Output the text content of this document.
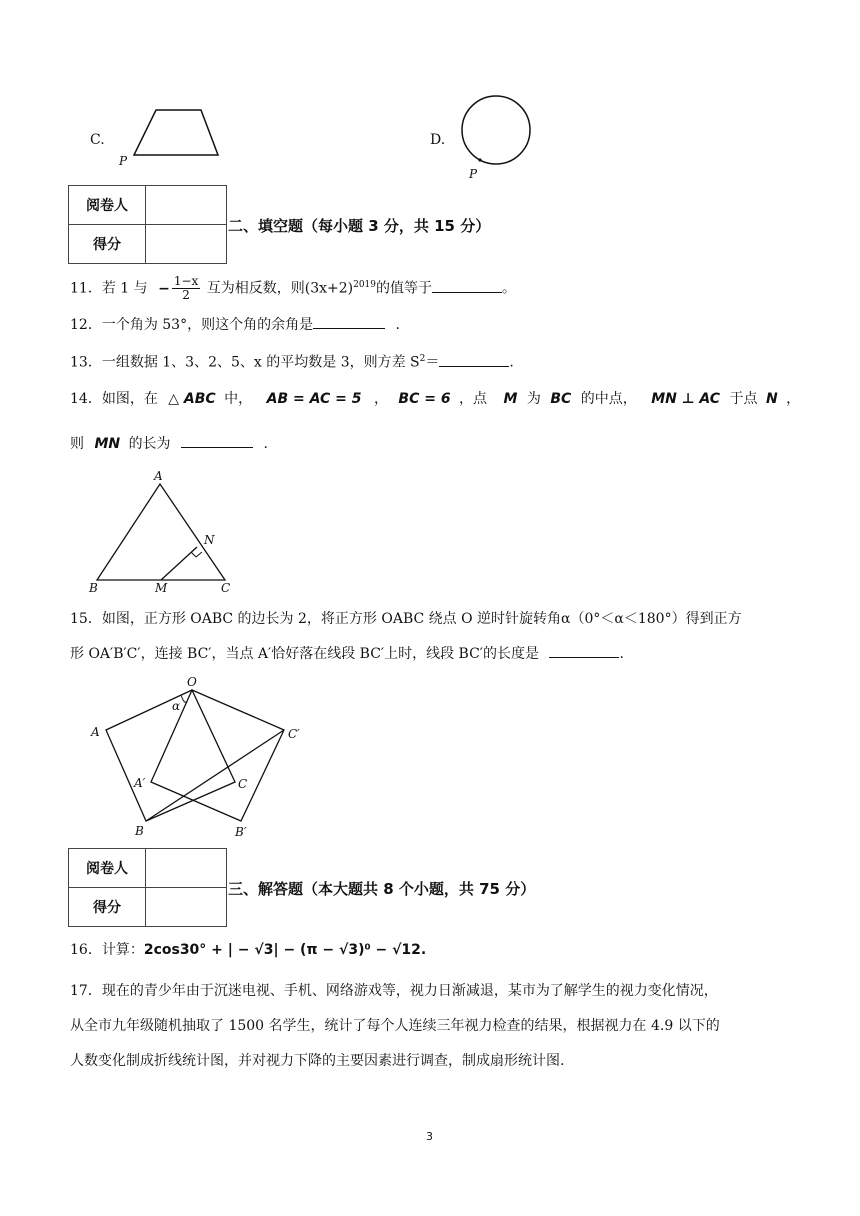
C.
P
D.
P
阅卷人	
得分	
二、填空题（每小题 3 分，共 15 分）
11．若 1 与 − $\frac{1-x}{2}$ 互为相反数，则$(3x+2)^{2019}$的值等于	。
12．一个角为 53°，则这个角的余角是	.
13．一组数据 1、3、2、5、x 的平均数是 3，则方差 $S^2=$	.
14．如图，在 △ ABC 中， AB = AC = 5 ， BC = 6 ，点 M 为 BC 的中点， MN ⊥ AC 于点 N ，
则 MN 的长为	.
A
B	C
M
N
15．如图，正方形 OABC 的边长为 2，将正方形 OABC 绕点 O 逆时针旋转角α（0°＜α＜180°）得到正方
形 OA′B′C′，连接 BC′，当点 A′恰好落在线段 BC′上时，线段 BC′的长度是	.
O
A
B
C
A′
B′
C′
α
阅卷人	
得分	
三、解答题（本大题共 8 个小题，共 75 分）
16．计算：2cos30° + | − √3| − (π − √3)⁰ − √12.
17．现在的青少年由于沉迷电视、手机、网络游戏等，视力日渐减退，某市为了解学生的视力变化情况，
从全市九年级随机抽取了 1500 名学生，统计了每个人连续三年视力检查的结果，根据视力在 4.9 以下的
人数变化制成折线统计图，并对视力下降的主要因素进行调查，制成扇形统计图.
3
